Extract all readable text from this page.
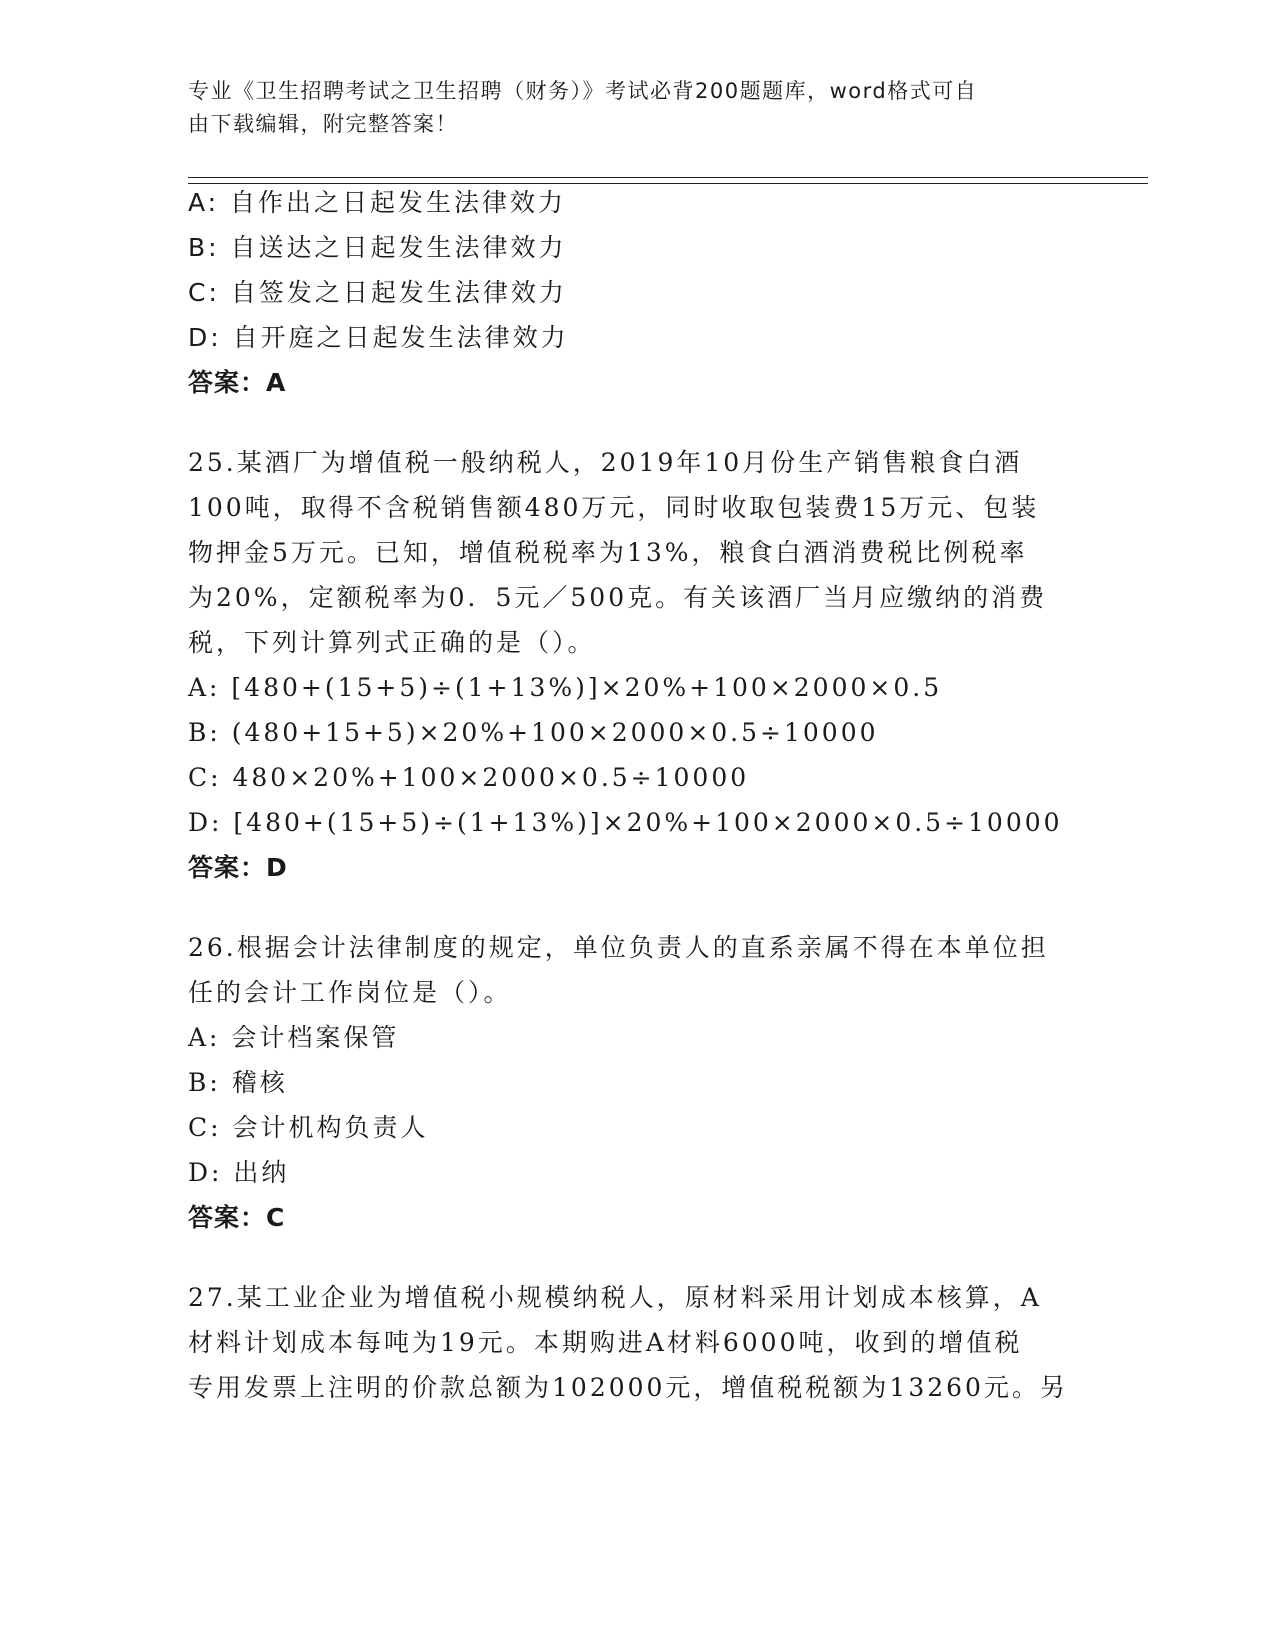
专业《卫生招聘考试之卫生招聘（财务）》考试必背200题题库，word格式可自
由下载编辑，附完整答案！
A: 自作出之日起发生法律效力
B: 自送达之日起发生法律效力
C: 自签发之日起发生法律效力
D: 自开庭之日起发生法律效力
答案：A
25.某酒厂为增值税一般纳税人，2019年10月份生产销售粮食白酒
100吨，取得不含税销售额480万元，同时收取包装费15万元、包装
物押金5万元。已知，增值税税率为13%，粮食白酒消费税比例税率
为20%，定额税率为0．5元／500克。有关该酒厂当月应缴纳的消费
税，下列计算列式正确的是（）。
A: [480+(15+5)÷(1+13%)]×20%+100×2000×0.5
B: (480+15+5)×20%+100×2000×0.5÷10000
C: 480×20%+100×2000×0.5÷10000
D: [480+(15+5)÷(1+13%)]×20%+100×2000×0.5÷10000
答案：D
26.根据会计法律制度的规定，单位负责人的直系亲属不得在本单位担
任的会计工作岗位是（）。
A: 会计档案保管
B: 稽核
C: 会计机构负责人
D: 出纳
答案：C
27.某工业企业为增值税小规模纳税人，原材料采用计划成本核算，A
材料计划成本每吨为19元。本期购进A材料6000吨，收到的增值税
专用发票上注明的价款总额为102000元，增值税税额为13260元。另
